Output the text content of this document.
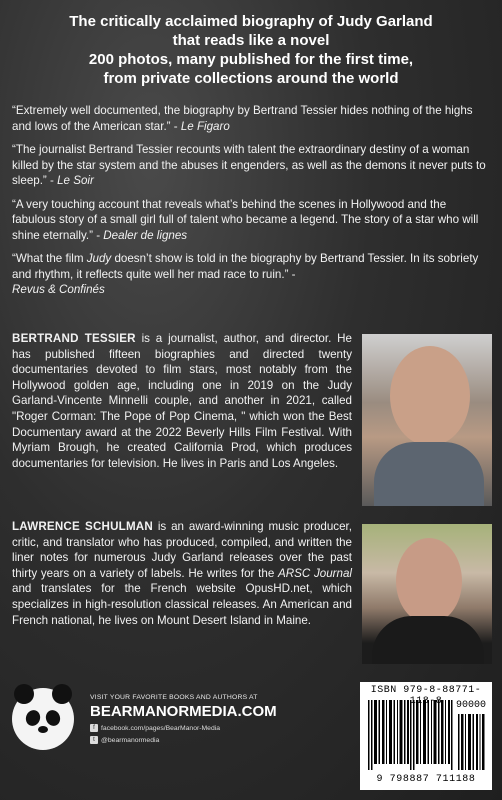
The critically acclaimed biography of Judy Garland
that reads like a novel
200 photos, many published for the first time,
from private collections around the world

“Extremely well documented, the biography by Bertrand Tessier hides nothing of the highs and lows of the American star.” - Le Figaro

“The journalist Bertrand Tessier recounts with talent the extraordinary destiny of a woman killed by the star system and the abuses it engenders, as well as the demons it never puts to sleep.” - Le Soir

“A very touching account that reveals what’s behind the scenes in Hollywood and the fabulous story of a small girl full of talent who became a legend. The story of a star who will shine eternally.” - Dealer de lignes

“What the film Judy doesn’t show is told in the biography by Bertrand Tessier. In its sobriety and rhythm, it reflects quite well her mad race to ruin.” -
Revus & Confinés

BERTRAND TESSIER is a journalist, author, and director. He has published fifteen biographies and directed twenty documentaries devoted to film stars, most notably from the Hollywood golden age, including one in 2019 on the Judy Garland-Vincente Minnelli couple, and another in 2021, called "Roger Corman: The Pope of Pop Cinema, " which won the Best Documentary award at the 2022 Beverly Hills Film Festival. With Myriam Brough, he created California Prod, which produces documentaries for television. He lives in Paris and Los Angeles.
LAWRENCE SCHULMAN is an award-winning music producer, critic, and translator who has produced, compiled, and written the liner notes for numerous Judy Garland releases over the past thirty years on a variety of labels. He writes for the ARSC Journal and translates for the French website OpusHD.net, which specializes in high-resolution classical releases. An American and French national, he lives on Mount Desert Island in Maine.
VISIT YOUR FAVORITE BOOKS AND AUTHORS AT
BEARMANORMEDIA.COM
f facebook.com/pages/BearManor-Media
t @bearmanormedia
ISBN 979-8-88771-118-8	90000
9 798887 711188
